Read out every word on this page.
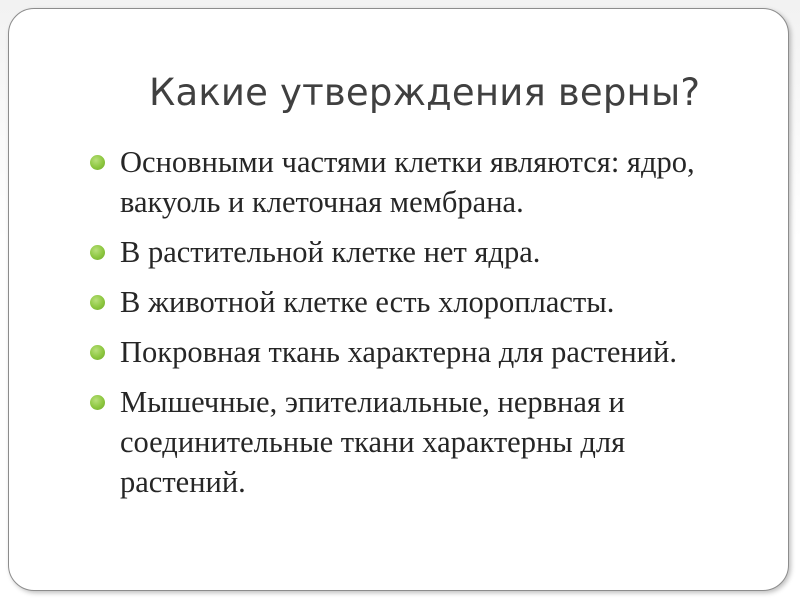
Какие утверждения верны?
Основными частями клетки являются: ядро, вакуоль и клеточная мембрана.
В растительной клетке нет ядра.
В животной клетке есть хлоропласты.
Покровная ткань характерна для растений.
Мышечные, эпителиальные, нервная и соединительные ткани характерны для растений.
